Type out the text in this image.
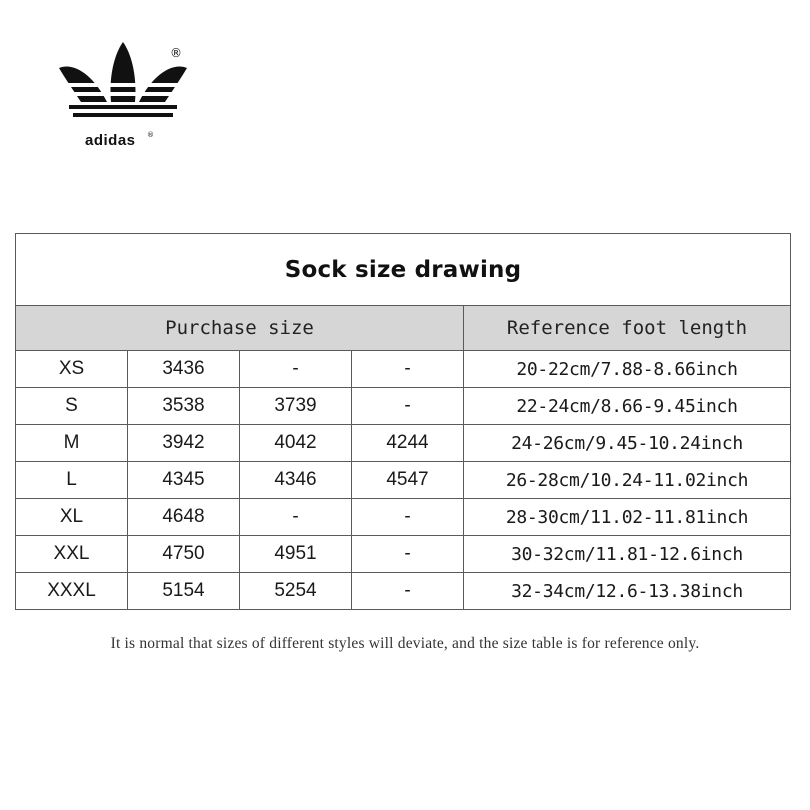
®
adidas ®
Sock size drawing				
Purchase size				Reference foot length
XS	3436	-	-	20-22cm/7.88-8.66inch
S	3538	3739	-	22-24cm/8.66-9.45inch
M	3942	4042	4244	24-26cm/9.45-10.24inch
L	4345	4346	4547	26-28cm/10.24-11.02inch
XL	4648	-	-	28-30cm/11.02-11.81inch
XXL	4750	4951	-	30-32cm/11.81-12.6inch
XXXL	5154	5254	-	32-34cm/12.6-13.38inch
It is normal that sizes of different styles will deviate, and the size table is for reference only.
